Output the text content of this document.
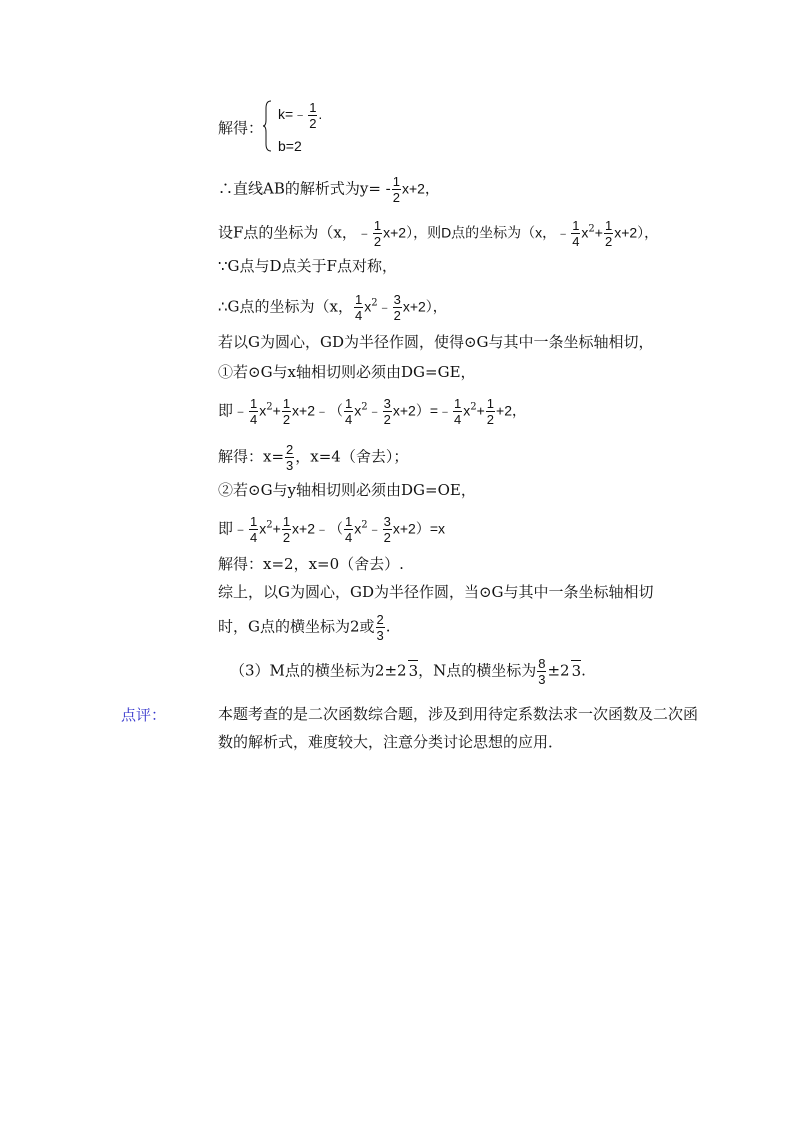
解得：
k=﹣ $\frac{1}{2}$ .
b=2
∴直线AB的解析式为$y= - \frac{1}{2} x+2$，
设F点的坐标为（x，﹣ $\frac{1}{2} x+2$），则D点的坐标为（x，﹣ $\frac{1}{4} x^2+ \frac{1}{2} x+2$），
∵G点与D点关于F点对称，
∴G点的坐标为（x， $\frac{1}{4}$ $x^2﹣ \frac{3}{2} x+2$），
若以G为圆心，GD为半径作圆，使得⊙G与其中一条坐标轴相切，
①若⊙G与x轴相切则必须由DG=GE，
即﹣ $\frac{1}{4} x^2+ \frac{1}{2}$ x+2﹣（ $\frac{1}{4}$ $x^2﹣ \frac{3}{2}$ x+2）=﹣ $\frac{1}{4} x^2+ \frac{1}{2} +2$，
解得：$x= \frac{2}{3}$ ，x=4（舍去）；
②若⊙G与y轴相切则必须由DG=OE，
即﹣ $\frac{1}{4} x^2+ \frac{1}{2}$ x+2﹣（ $\frac{1}{4}$ $x^2﹣ \frac{3}{2} x+2)=x$
解得：x=2，x=0（舍去）.
综上，以G为圆心，GD为半径作圆，当⊙G与其中一条坐标轴相切
时，G点的横坐标为2或 $\frac{2}{3}$ .
（3）M点的横坐标为2±2 3，N点的横坐标为 $\frac{8}{3} \pm 2$ 3.
点评：	本题考查的是二次函数综合题，涉及到用待定系数法求一次函数及二次函数的解析式，难度较大，注意分类讨论思想的应用．
